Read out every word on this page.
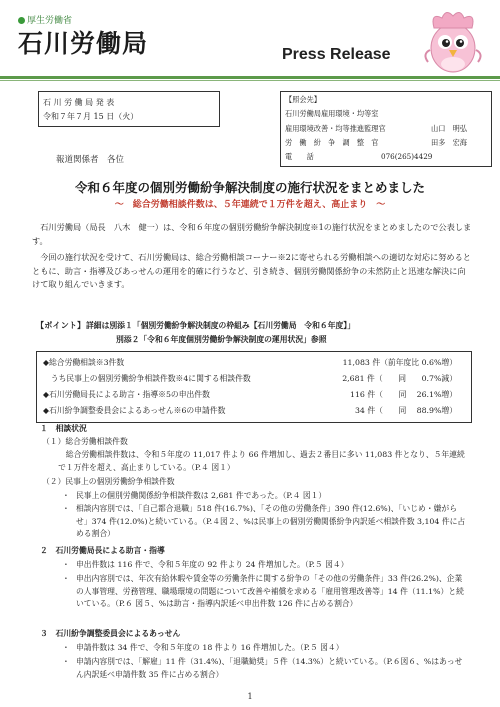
厚生労働省
石川労働局	Press Release
石 川 労 働 局 発 表
令和７年７月 15 日（火）
【照会先】
石川労働局雇用環境・均等室
雇用環境改善・均等推進監理官	山口　明弘
労　働　紛　争　調　整　官	田多　宏海
電　　話	076(265)4429
報道関係者　各位
令和６年度の個別労働紛争解決制度の施行状況をまとめました
～　総合労働相談件数は、５年連続で１万件を超え、高止まり　～
石川労働局（局長　八木　健一）は、令和６年度の個別労働紛争解決制度※1の施行状況をまとめましたので公表します。
今回の施行状況を受けて、石川労働局は、総合労働相談コーナー※2に寄せられる労働相談への適切な対応に努めるとともに、助言・指導及びあっせんの運用を的確に行うなど、引き続き、個別労働関係紛争の未然防止と迅速な解決に向けて取り組んでいきます。
【ポイント】 詳細は別添１「個別労働紛争解決制度の枠組み【石川労働局　令和６年度】」
別添２「令和６年度個別労働紛争解決制度の運用状況」参照
◆総合労働相談※3件数	11,083 件（前年度比 0.6%増）
　うち民事上の個別労働紛争相談件数※4に関する相談件数	2,681 件（　　同　　0.7%減）
◆石川労働局長による助言・指導※5の申出件数	116 件（　　同　 26.1%増）
◆石川紛争調整委員会によるあっせん※6の申請件数	34 件（　　同　 88.9%増）
１　相談状況
（１）総合労働相談件数
総合労働相談件数は、令和５年度の 11,017 件より 66 件増加し、過去２番目に多い 11,083 件となり、５年連続で１万件を超え、高止まりしている。（P.４ 図１）
（２）民事上の個別労働紛争相談件数
・ 民事上の個別労働関係紛争相談件数は 2,681 件であった。（P.４ 図１）
・ 相談内容別では、「自己都合退職」518 件(16.7%)、「その他の労働条件」390 件(12.6%)、「いじめ・嫌がらせ」374 件(12.0%)と続いている。（P.４図２、%は民事上の個別労働関係紛争内訳延べ相談件数 3,104 件に占める割合）
２　石川労働局長による助言・指導
・ 申出件数は 116 件で、令和５年度の 92 件より 24 件増加した。（P.５ 図４）
・ 申出内容別では、年次有給休暇や賃金等の労働条件に関する紛争の「その他の労働条件」33 件(26.2%)、企業の人事管理、労務管理、職場環境の問題について改善や補償を求める「雇用管理改善等」14 件（11.1%）と続いている。（P.６ 図５、%は助言・指導内訳延べ申出件数 126 件に占める割合）
３　石川紛争調整委員会によるあっせん
・ 申請件数は 34 件で、令和５年度の 18 件より 16 件増加した。（P.５ 図４）
・ 申請内容別では、「解雇」11 件（31.4%)、「退職勧奨」５件（14.3%）と続いている。（P.６図６、%はあっせん内訳延べ申請件数 35 件に占める割合）
1
